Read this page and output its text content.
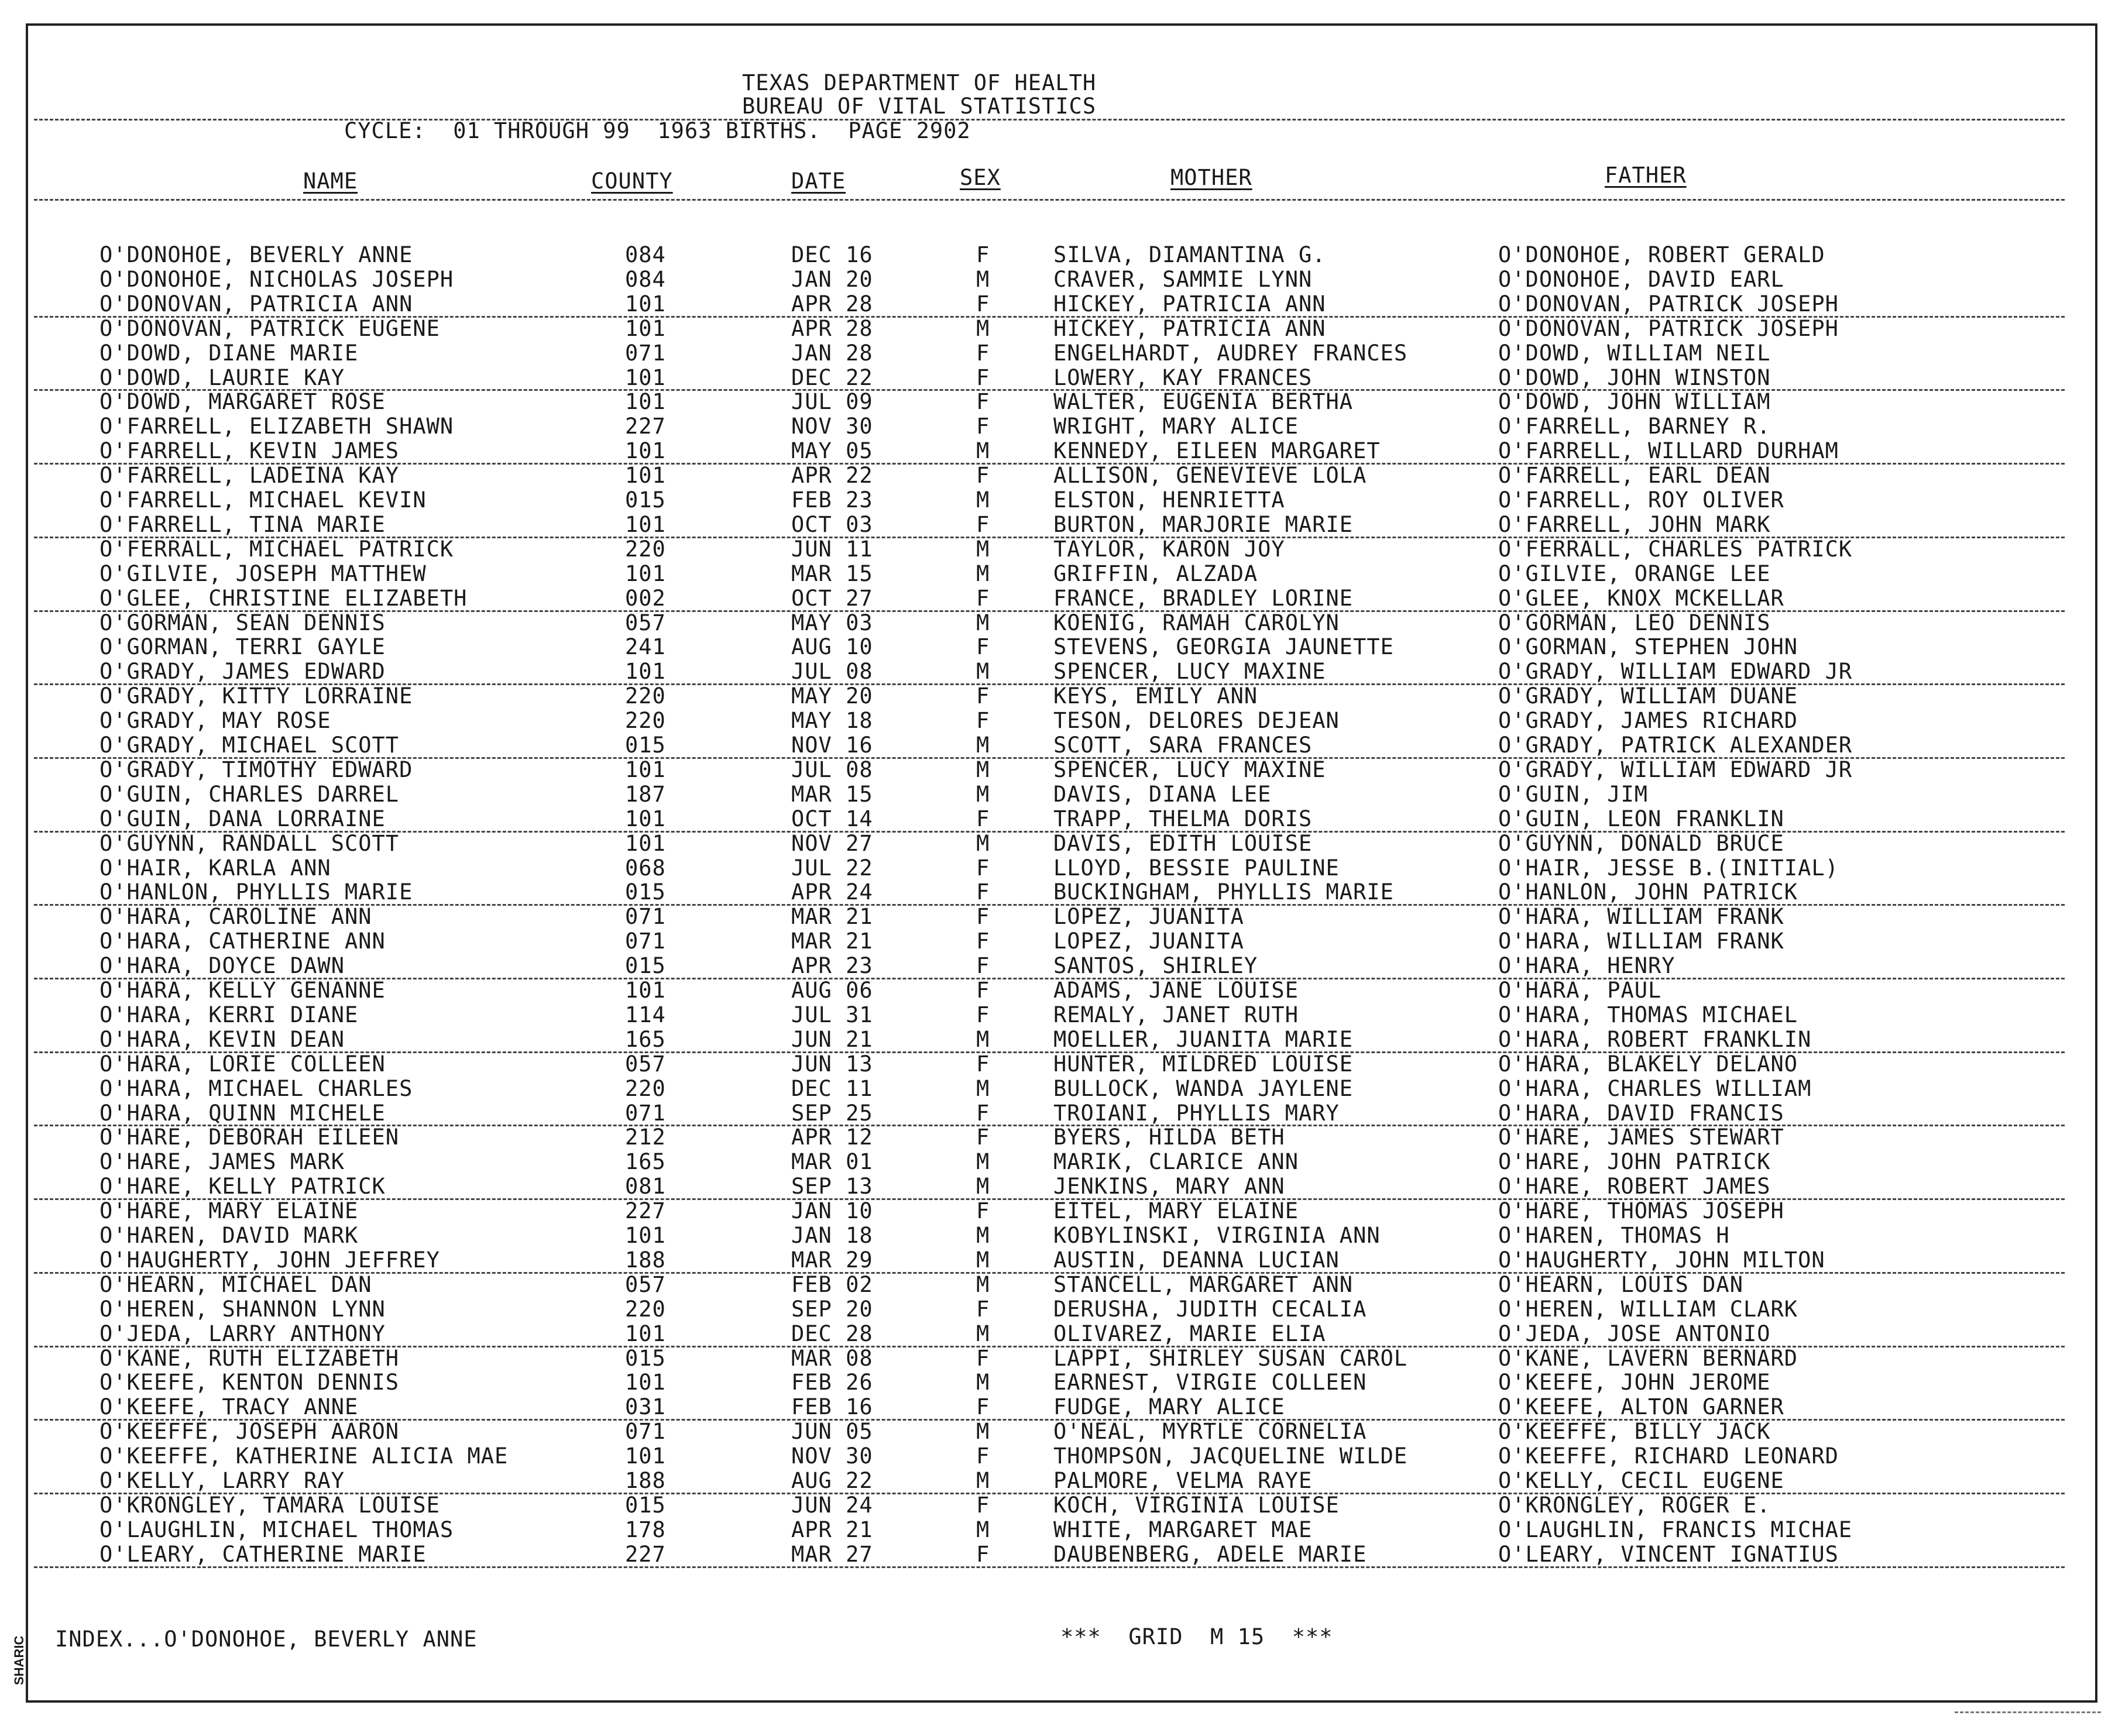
TEXAS DEPARTMENT OF HEALTH
BUREAU OF VITAL STATISTICS
CYCLE:  01 THROUGH 99  1963 BIRTHS.  PAGE 2902
NAME	COUNTY	DATE	SEX	MOTHER	FATHER
O'DONOHOE, BEVERLY ANNE	084	DEC 16	F	SILVA, DIAMANTINA G.	O'DONOHOE, ROBERT GERALD
O'DONOHOE, NICHOLAS JOSEPH	084	JAN 20	M	CRAVER, SAMMIE LYNN	O'DONOHOE, DAVID EARL
O'DONOVAN, PATRICIA ANN	101	APR 28	F	HICKEY, PATRICIA ANN	O'DONOVAN, PATRICK JOSEPH
O'DONOVAN, PATRICK EUGENE	101	APR 28	M	HICKEY, PATRICIA ANN	O'DONOVAN, PATRICK JOSEPH
O'DOWD, DIANE MARIE	071	JAN 28	F	ENGELHARDT, AUDREY FRANCES	O'DOWD, WILLIAM NEIL
O'DOWD, LAURIE KAY	101	DEC 22	F	LOWERY, KAY FRANCES	O'DOWD, JOHN WINSTON
O'DOWD, MARGARET ROSE	101	JUL 09	F	WALTER, EUGENIA BERTHA	O'DOWD, JOHN WILLIAM
O'FARRELL, ELIZABETH SHAWN	227	NOV 30	F	WRIGHT, MARY ALICE	O'FARRELL, BARNEY R.
O'FARRELL, KEVIN JAMES	101	MAY 05	M	KENNEDY, EILEEN MARGARET	O'FARRELL, WILLARD DURHAM
O'FARRELL, LADEINA KAY	101	APR 22	F	ALLISON, GENEVIEVE LOLA	O'FARRELL, EARL DEAN
O'FARRELL, MICHAEL KEVIN	015	FEB 23	M	ELSTON, HENRIETTA	O'FARRELL, ROY OLIVER
O'FARRELL, TINA MARIE	101	OCT 03	F	BURTON, MARJORIE MARIE	O'FARRELL, JOHN MARK
O'FERRALL, MICHAEL PATRICK	220	JUN 11	M	TAYLOR, KARON JOY	O'FERRALL, CHARLES PATRICK
O'GILVIE, JOSEPH MATTHEW	101	MAR 15	M	GRIFFIN, ALZADA	O'GILVIE, ORANGE LEE
O'GLEE, CHRISTINE ELIZABETH	002	OCT 27	F	FRANCE, BRADLEY LORINE	O'GLEE, KNOX MCKELLAR
O'GORMAN, SEAN DENNIS	057	MAY 03	M	KOENIG, RAMAH CAROLYN	O'GORMAN, LEO DENNIS
O'GORMAN, TERRI GAYLE	241	AUG 10	F	STEVENS, GEORGIA JAUNETTE	O'GORMAN, STEPHEN JOHN
O'GRADY, JAMES EDWARD	101	JUL 08	M	SPENCER, LUCY MAXINE	O'GRADY, WILLIAM EDWARD JR
O'GRADY, KITTY LORRAINE	220	MAY 20	F	KEYS, EMILY ANN	O'GRADY, WILLIAM DUANE
O'GRADY, MAY ROSE	220	MAY 18	F	TESON, DELORES DEJEAN	O'GRADY, JAMES RICHARD
O'GRADY, MICHAEL SCOTT	015	NOV 16	M	SCOTT, SARA FRANCES	O'GRADY, PATRICK ALEXANDER
O'GRADY, TIMOTHY EDWARD	101	JUL 08	M	SPENCER, LUCY MAXINE	O'GRADY, WILLIAM EDWARD JR
O'GUIN, CHARLES DARREL	187	MAR 15	M	DAVIS, DIANA LEE	O'GUIN, JIM
O'GUIN, DANA LORRAINE	101	OCT 14	F	TRAPP, THELMA DORIS	O'GUIN, LEON FRANKLIN
O'GUYNN, RANDALL SCOTT	101	NOV 27	M	DAVIS, EDITH LOUISE	O'GUYNN, DONALD BRUCE
O'HAIR, KARLA ANN	068	JUL 22	F	LLOYD, BESSIE PAULINE	O'HAIR, JESSE B.(INITIAL)
O'HANLON, PHYLLIS MARIE	015	APR 24	F	BUCKINGHAM, PHYLLIS MARIE	O'HANLON, JOHN PATRICK
O'HARA, CAROLINE ANN	071	MAR 21	F	LOPEZ, JUANITA	O'HARA, WILLIAM FRANK
O'HARA, CATHERINE ANN	071	MAR 21	F	LOPEZ, JUANITA	O'HARA, WILLIAM FRANK
O'HARA, DOYCE DAWN	015	APR 23	F	SANTOS, SHIRLEY	O'HARA, HENRY
O'HARA, KELLY GENANNE	101	AUG 06	F	ADAMS, JANE LOUISE	O'HARA, PAUL
O'HARA, KERRI DIANE	114	JUL 31	F	REMALY, JANET RUTH	O'HARA, THOMAS MICHAEL
O'HARA, KEVIN DEAN	165	JUN 21	M	MOELLER, JUANITA MARIE	O'HARA, ROBERT FRANKLIN
O'HARA, LORIE COLLEEN	057	JUN 13	F	HUNTER, MILDRED LOUISE	O'HARA, BLAKELY DELANO
O'HARA, MICHAEL CHARLES	220	DEC 11	M	BULLOCK, WANDA JAYLENE	O'HARA, CHARLES WILLIAM
O'HARA, QUINN MICHELE	071	SEP 25	F	TROIANI, PHYLLIS MARY	O'HARA, DAVID FRANCIS
O'HARE, DEBORAH EILEEN	212	APR 12	F	BYERS, HILDA BETH	O'HARE, JAMES STEWART
O'HARE, JAMES MARK	165	MAR 01	M	MARIK, CLARICE ANN	O'HARE, JOHN PATRICK
O'HARE, KELLY PATRICK	081	SEP 13	M	JENKINS, MARY ANN	O'HARE, ROBERT JAMES
O'HARE, MARY ELAINE	227	JAN 10	F	EITEL, MARY ELAINE	O'HARE, THOMAS JOSEPH
O'HAREN, DAVID MARK	101	JAN 18	M	KOBYLINSKI, VIRGINIA ANN	O'HAREN, THOMAS H
O'HAUGHERTY, JOHN JEFFREY	188	MAR 29	M	AUSTIN, DEANNA LUCIAN	O'HAUGHERTY, JOHN MILTON
O'HEARN, MICHAEL DAN	057	FEB 02	M	STANCELL, MARGARET ANN	O'HEARN, LOUIS DAN
O'HEREN, SHANNON LYNN	220	SEP 20	F	DERUSHA, JUDITH CECALIA	O'HEREN, WILLIAM CLARK
O'JEDA, LARRY ANTHONY	101	DEC 28	M	OLIVAREZ, MARIE ELIA	O'JEDA, JOSE ANTONIO
O'KANE, RUTH ELIZABETH	015	MAR 08	F	LAPPI, SHIRLEY SUSAN CAROL	O'KANE, LAVERN BERNARD
O'KEEFE, KENTON DENNIS	101	FEB 26	M	EARNEST, VIRGIE COLLEEN	O'KEEFE, JOHN JEROME
O'KEEFE, TRACY ANNE	031	FEB 16	F	FUDGE, MARY ALICE	O'KEEFE, ALTON GARNER
O'KEEFFE, JOSEPH AARON	071	JUN 05	M	O'NEAL, MYRTLE CORNELIA	O'KEEFFE, BILLY JACK
O'KEEFFE, KATHERINE ALICIA MAE	101	NOV 30	F	THOMPSON, JACQUELINE WILDE	O'KEEFFE, RICHARD LEONARD
O'KELLY, LARRY RAY	188	AUG 22	M	PALMORE, VELMA RAYE	O'KELLY, CECIL EUGENE
O'KRONGLEY, TAMARA LOUISE	015	JUN 24	F	KOCH, VIRGINIA LOUISE	O'KRONGLEY, ROGER E.
O'LAUGHLIN, MICHAEL THOMAS	178	APR 21	M	WHITE, MARGARET MAE	O'LAUGHLIN, FRANCIS MICHAE
O'LEARY, CATHERINE MARIE	227	MAR 27	F	DAUBENBERG, ADELE MARIE	O'LEARY, VINCENT IGNATIUS
INDEX...O'DONOHOE, BEVERLY ANNE	***  GRID  M 15  ***
SHARIC
